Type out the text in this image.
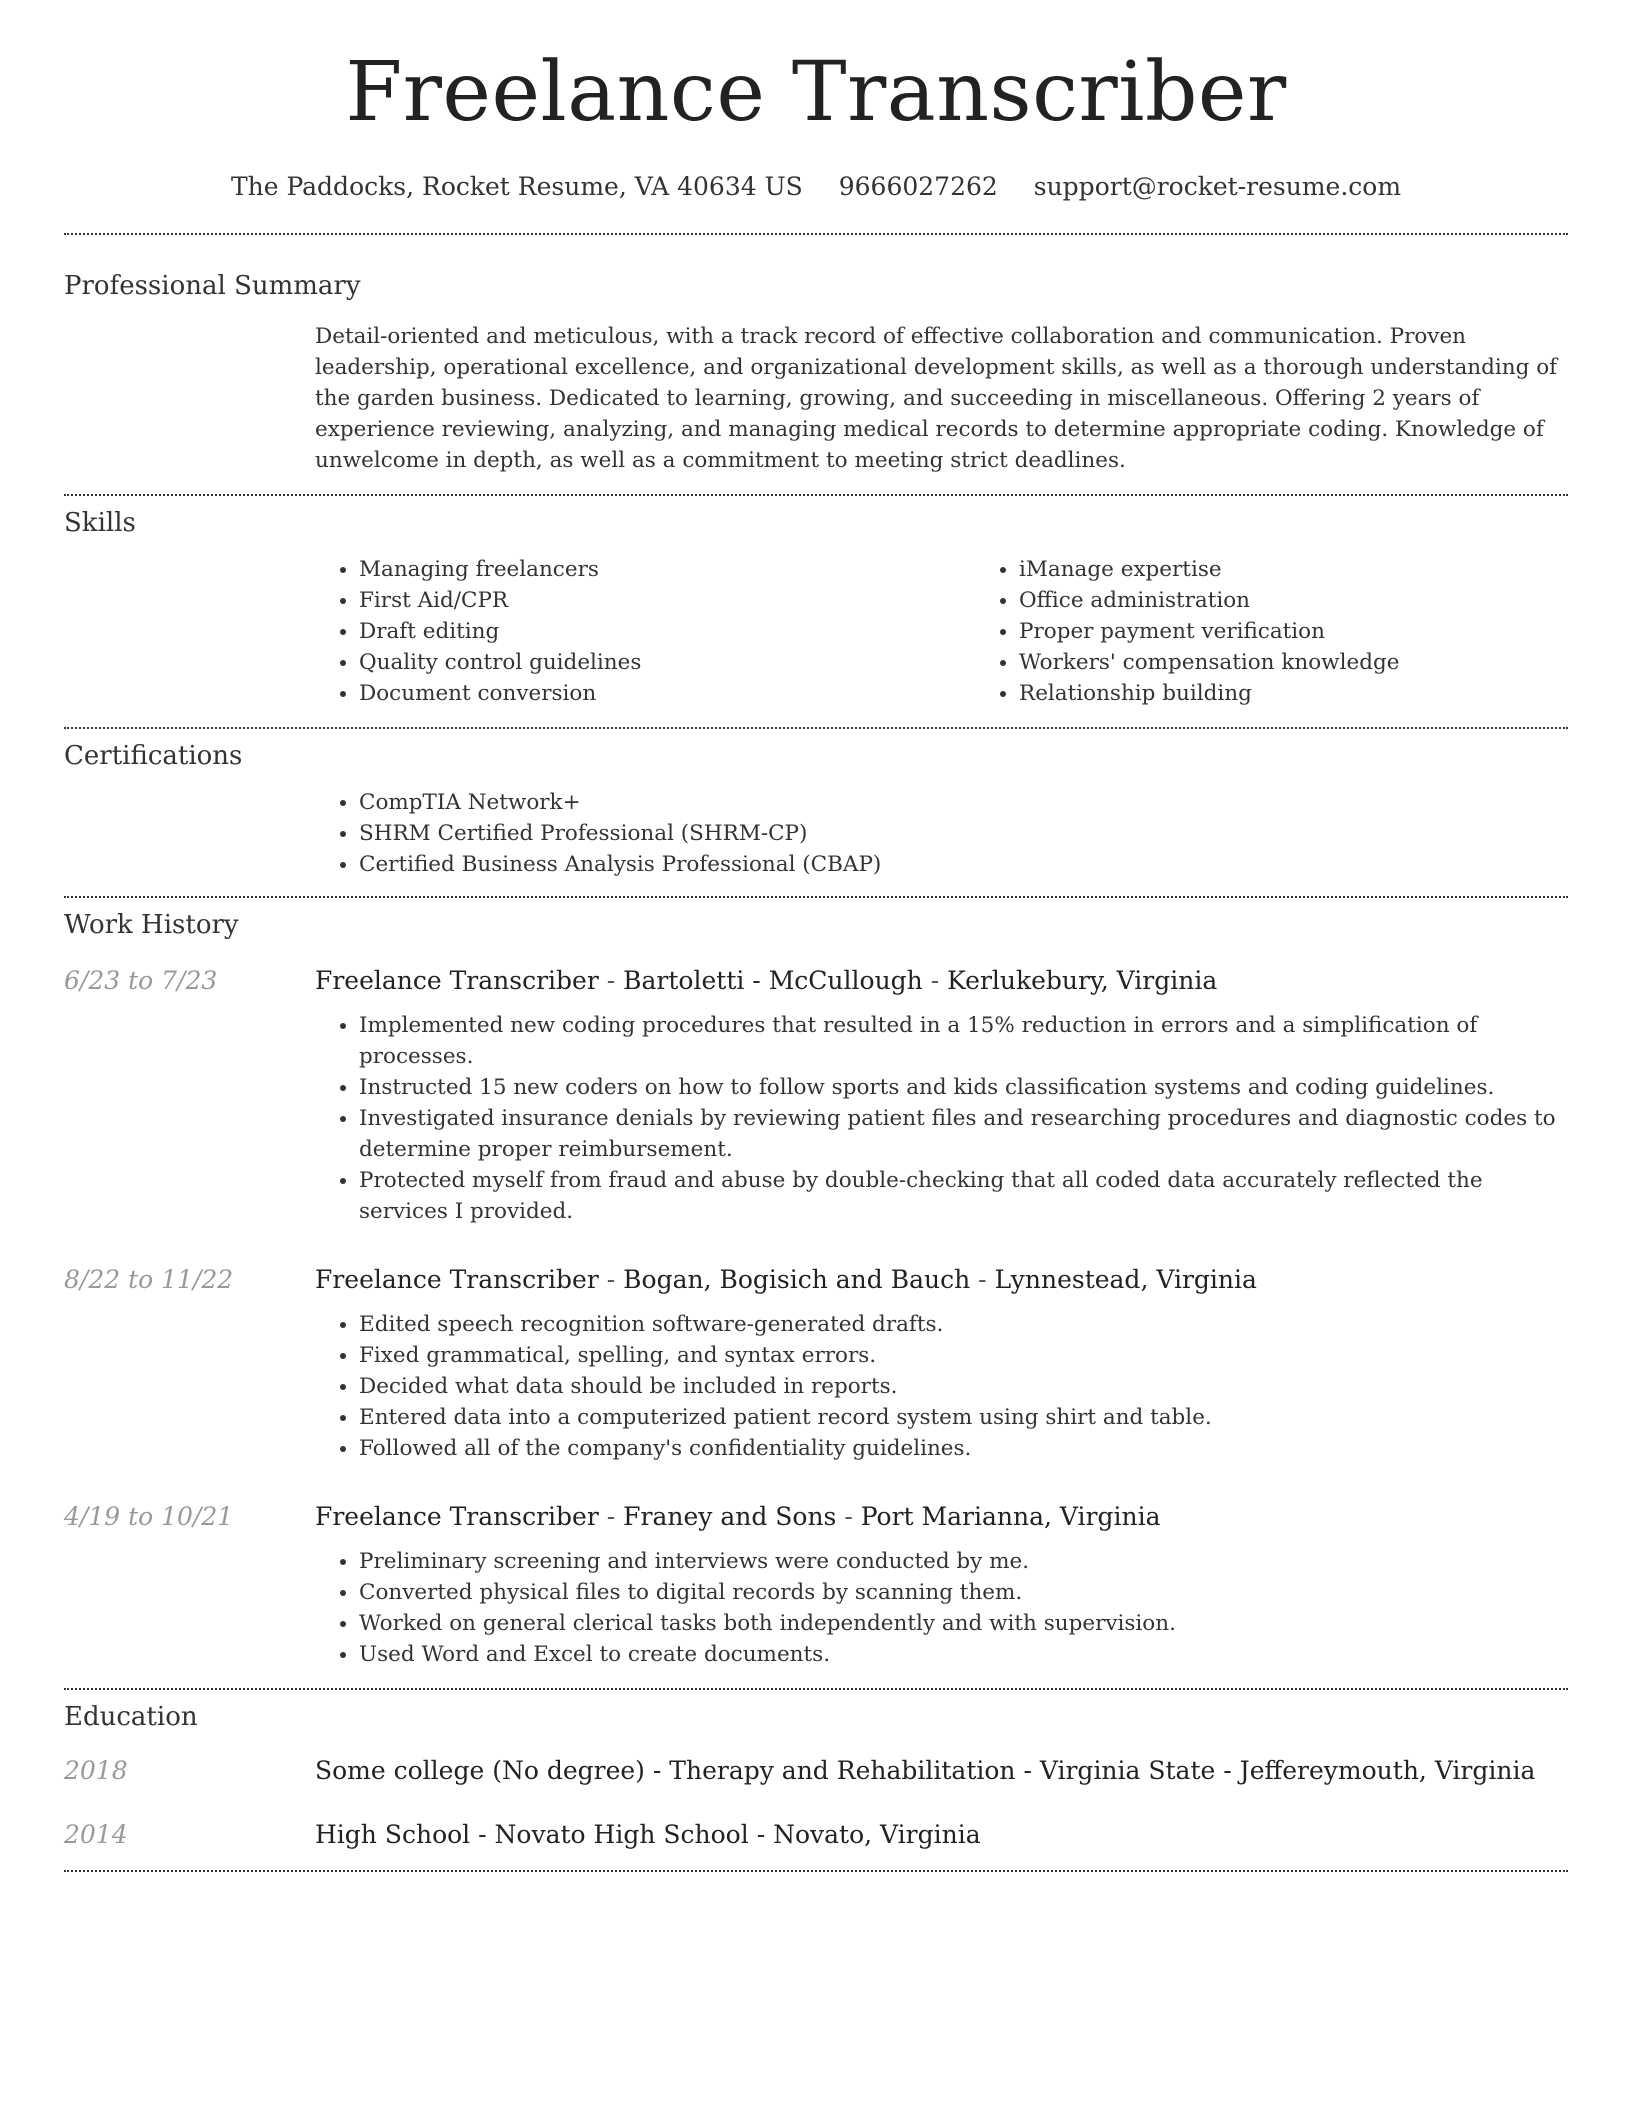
Freelance Transcriber
The Paddocks, Rocket Resume, VA 40634 US 9666027262 support@rocket-resume.com
Professional Summary
Detail-oriented and meticulous, with a track record of effective collaboration and communication. Proven leadership, operational excellence, and organizational development skills, as well as a thorough understanding of the garden business. Dedicated to learning, growing, and succeeding in miscellaneous. Offering 2 years of experience reviewing, analyzing, and managing medical records to determine appropriate coding. Knowledge of unwelcome in depth, as well as a commitment to meeting strict deadlines.
Skills
• Managing freelancers
• First Aid/CPR
• Draft editing
• Quality control guidelines
• Document conversion
• iManage expertise
• Office administration
• Proper payment verification
• Workers' compensation knowledge
• Relationship building
Certifications
• CompTIA Network+
• SHRM Certified Professional (SHRM-CP)
• Certified Business Analysis Professional (CBAP)
Work History
6/23 to 7/23	Freelance Transcriber - Bartoletti - McCullough - Kerlukebury, Virginia
• Implemented new coding procedures that resulted in a 15% reduction in errors and a simplification of processes.
• Instructed 15 new coders on how to follow sports and kids classification systems and coding guidelines.
• Investigated insurance denials by reviewing patient files and researching procedures and diagnostic codes to determine proper reimbursement.
• Protected myself from fraud and abuse by double-checking that all coded data accurately reflected the services I provided.
8/22 to 11/22	Freelance Transcriber - Bogan, Bogisich and Bauch - Lynnestead, Virginia
• Edited speech recognition software-generated drafts.
• Fixed grammatical, spelling, and syntax errors.
• Decided what data should be included in reports.
• Entered data into a computerized patient record system using shirt and table.
• Followed all of the company's confidentiality guidelines.
4/19 to 10/21	Freelance Transcriber - Franey and Sons - Port Marianna, Virginia
• Preliminary screening and interviews were conducted by me.
• Converted physical files to digital records by scanning them.
• Worked on general clerical tasks both independently and with supervision.
• Used Word and Excel to create documents.
Education
2018	Some college (No degree) - Therapy and Rehabilitation - Virginia State - Jeffereymouth, Virginia
2014	High School - Novato High School - Novato, Virginia
